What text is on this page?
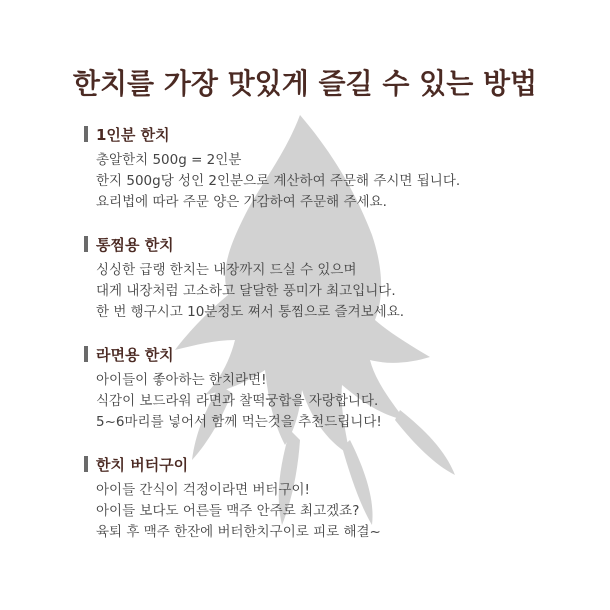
한치를 가장 맛있게 즐길 수 있는 방법
1인분 한치
총알한치 500g = 2인분
한지 500g당 성인 2인분으로 계산하여 주문해 주시면 됩니다.
요리법에 따라 주문 양은 가감하여 주문해 주세요.
통찜용 한치
싱싱한 급랭 한치는 내장까지 드실 수 있으며
대게 내장처럼 고소하고 달달한 풍미가 최고입니다.
한 번 행구시고 10분정도 쪄서 통찜으로 즐겨보세요.
라면용 한치
아이들이 좋아하는 한치라면!
식감이 보드라워 라면과 찰떡궁합을 자랑합니다.
5~6마리를 넣어서 함께 먹는것을 추천드립니다!
한치 버터구이
아이들 간식이 걱정이라면 버터구이!
아이들 보다도 어른들 맥주 안주로 최고겠죠?
육퇴 후 맥주 한잔에 버터한치구이로 피로 해결~
